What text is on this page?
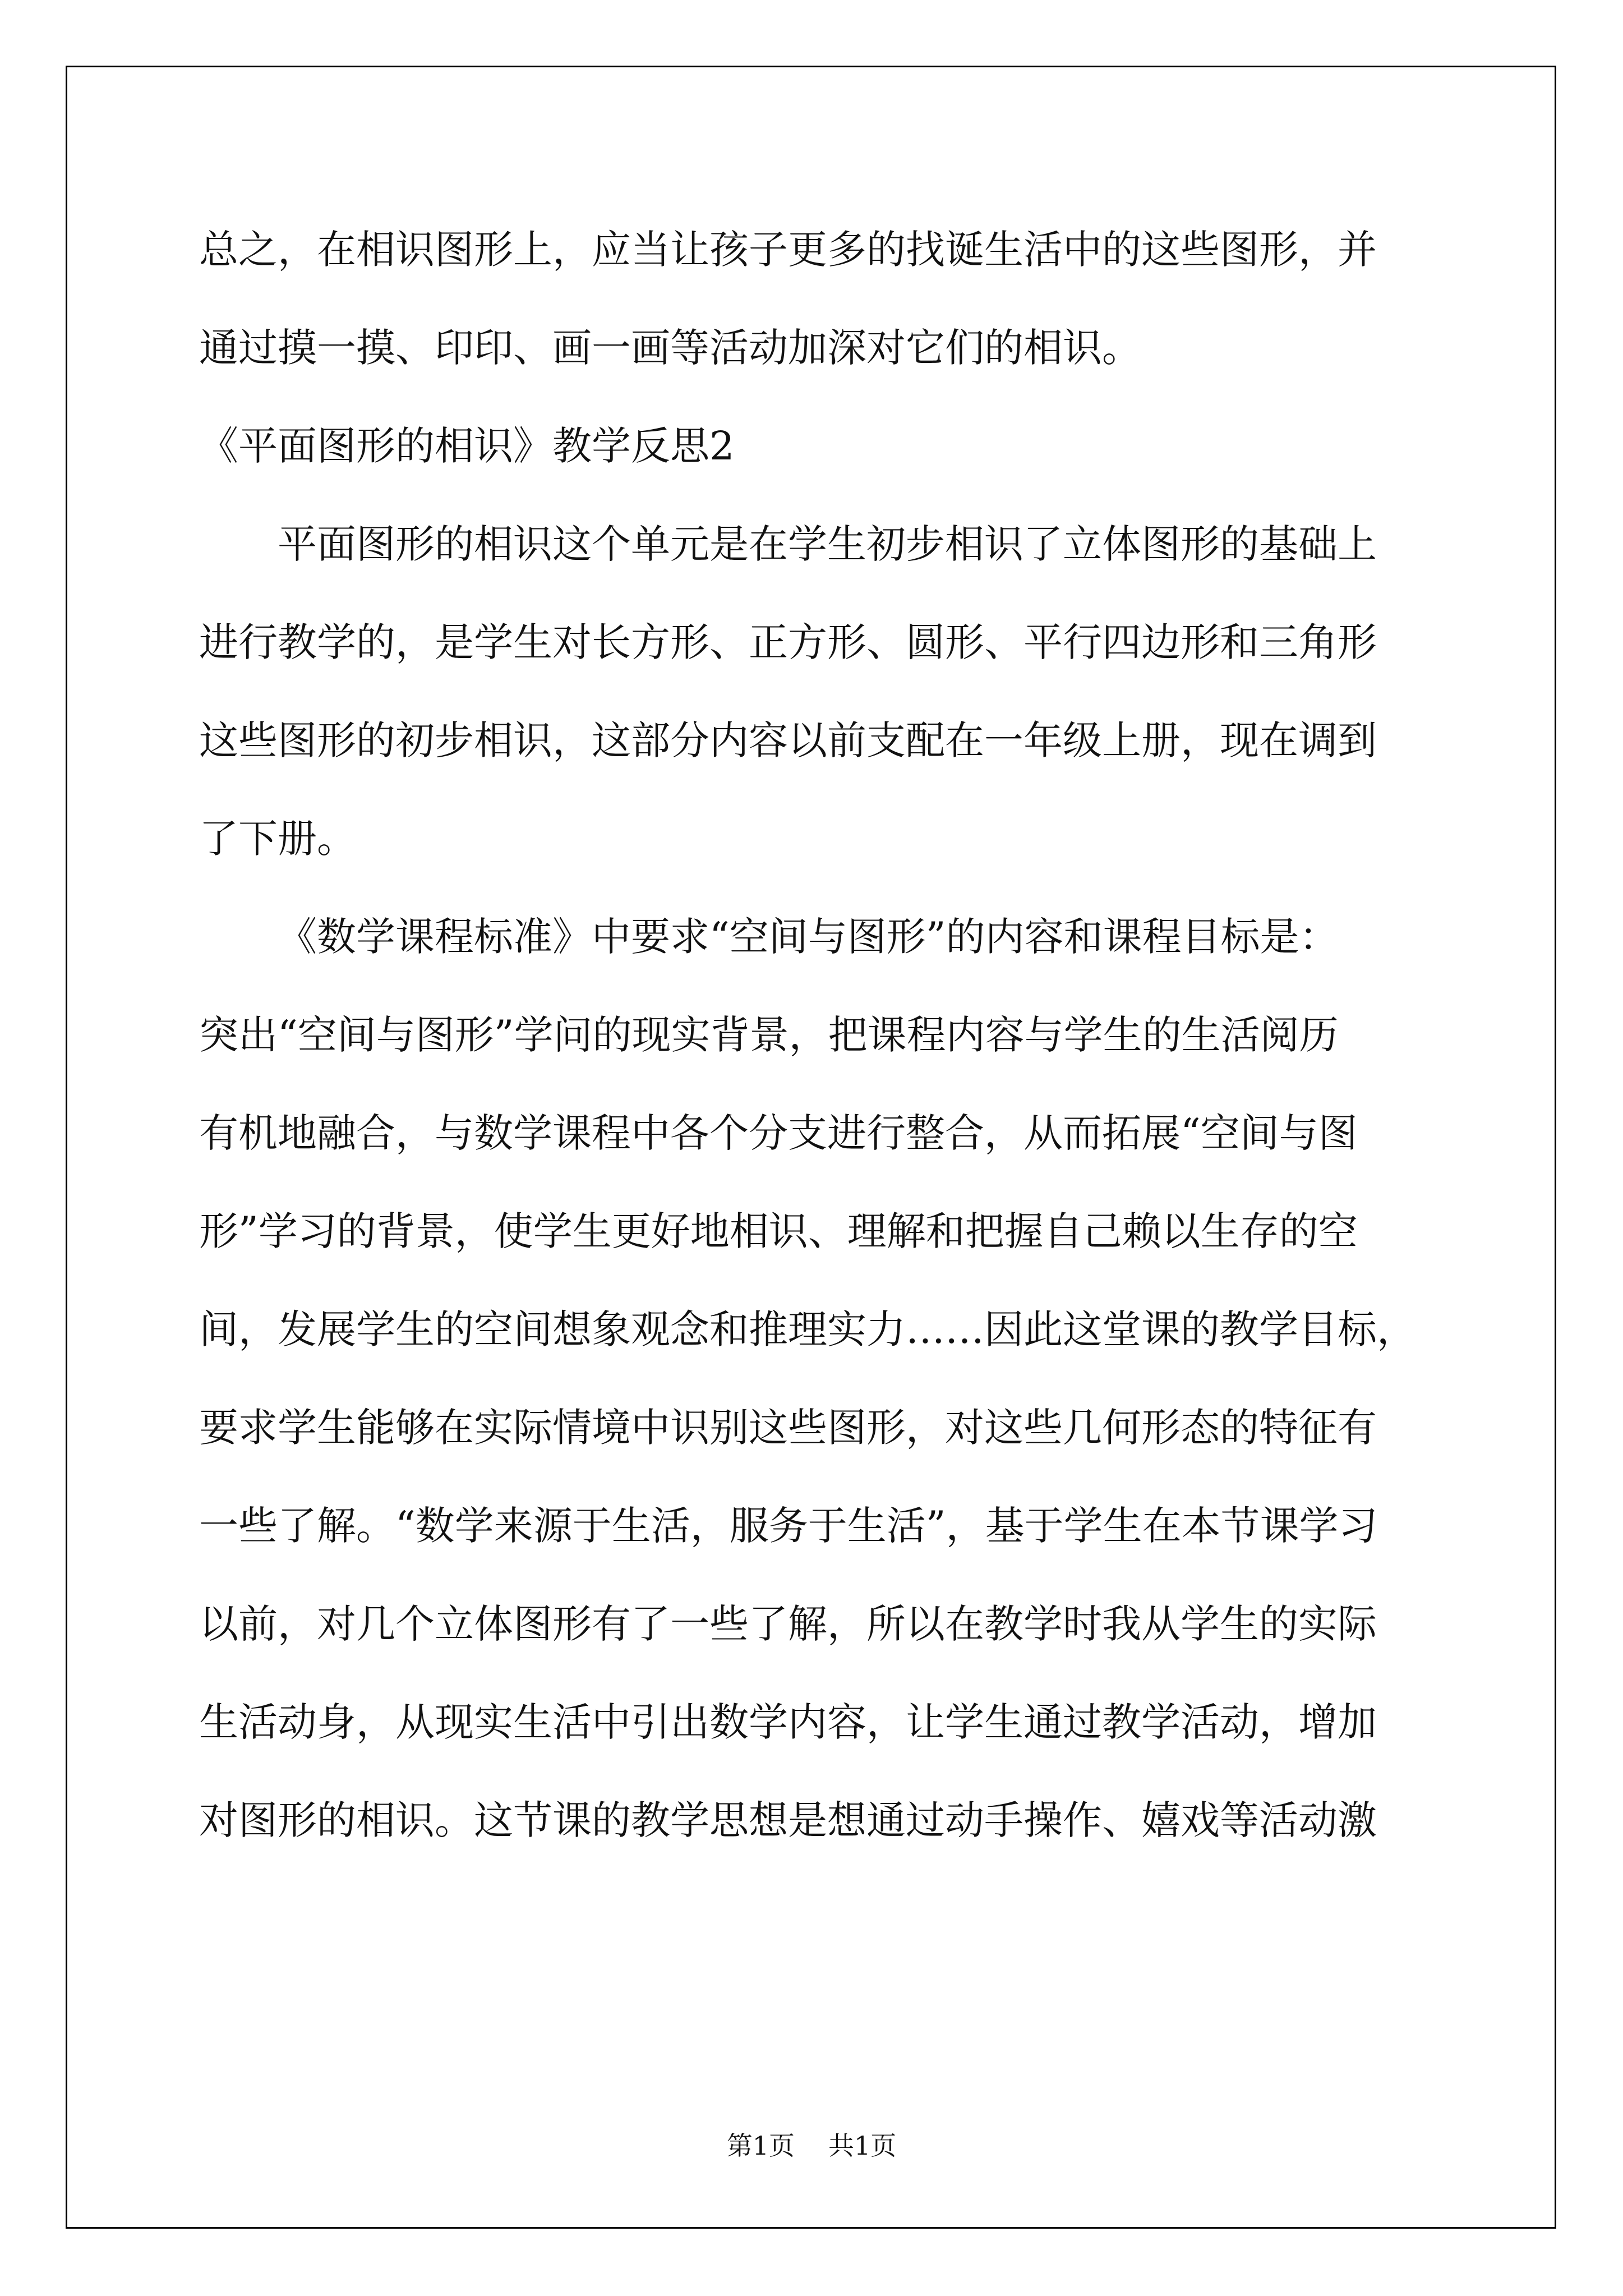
总之，在相识图形上，应当让孩子更多的找诞生活中的这些图形，并

通过摸一摸、印印、画一画等活动加深对它们的相识。

《平面图形的相识》教学反思2

平面图形的相识这个单元是在学生初步相识了立体图形的基础上

进行教学的，是学生对长方形、正方形、圆形、平行四边形和三角形

这些图形的初步相识，这部分内容以前支配在一年级上册，现在调到

了下册。

《数学课程标准》中要求“空间与图形”的内容和课程目标是：

突出“空间与图形”学问的现实背景，把课程内容与学生的生活阅历

有机地融合，与数学课程中各个分支进行整合，从而拓展“空间与图

形”学习的背景，使学生更好地相识、理解和把握自己赖以生存的空

间，发展学生的空间想象观念和推理实力……因此这堂课的教学目标，

要求学生能够在实际情境中识别这些图形，对这些几何形态的特征有

一些了解。“数学来源于生活，服务于生活”，基于学生在本节课学习

以前，对几个立体图形有了一些了解，所以在教学时我从学生的实际

生活动身，从现实生活中引出数学内容，让学生通过教学活动，增加

对图形的相识。这节课的教学思想是想通过动手操作、嬉戏等活动激

第1页 共1页
